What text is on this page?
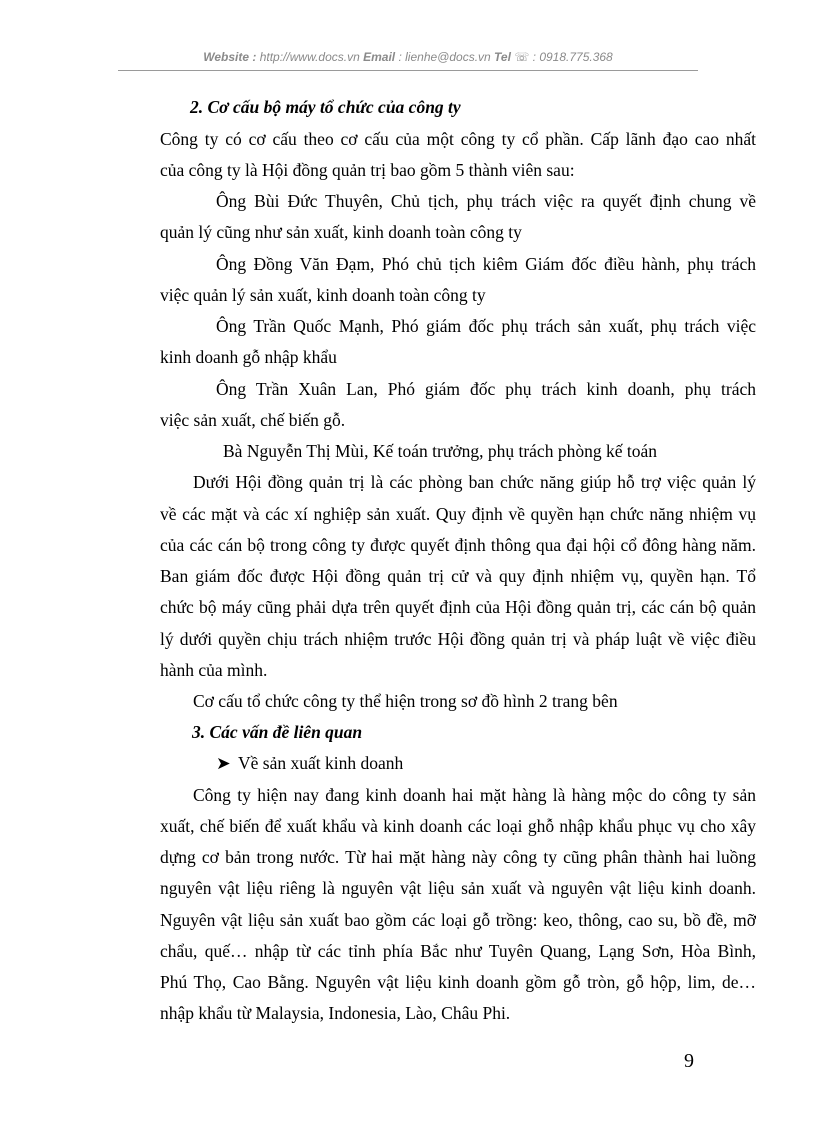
Website : http://www.docs.vn Email : lienhe@docs.vn Tel ☏ : 0918.775.368
2. Cơ cấu bộ máy tổ chức của công ty
Công ty có cơ cấu theo cơ cấu của một công ty cổ phần. Cấp lãnh đạo cao nhất
của công ty là Hội đồng quản trị bao gồm 5 thành viên sau:
Ông Bùi Đức Thuyên, Chủ tịch, phụ trách việc ra quyết định chung về
quản lý cũng như sản xuất, kinh doanh toàn công ty
Ông Đồng Văn Đạm, Phó chủ tịch kiêm Giám đốc điều hành, phụ trách
việc quản lý sản xuất, kinh doanh toàn công ty
Ông Trần Quốc Mạnh, Phó giám đốc phụ trách sản xuất, phụ trách việc
kinh doanh gỗ nhập khẩu
Ông Trần Xuân Lan, Phó giám đốc phụ trách kinh doanh, phụ trách
việc sản xuất, chế biến gỗ.
Bà Nguyễn Thị Mùi, Kế toán trưởng, phụ trách phòng kế toán
Dưới Hội đồng quản trị là các phòng ban chức năng giúp hỗ trợ việc quản lý
về các mặt và các xí nghiệp sản xuất. Quy định về quyền hạn chức năng nhiệm vụ
của các cán bộ trong công ty được quyết định thông qua đại hội cổ đông hàng năm.
Ban giám đốc được Hội đồng quản trị cử và quy định nhiệm vụ, quyền hạn. Tổ
chức bộ máy cũng phải dựa trên quyết định của Hội đồng quản trị, các cán bộ quản
lý dưới quyền chịu trách nhiệm trước Hội đồng quản trị và pháp luật về việc điều
hành của mình.
Cơ cấu tổ chức công ty thể hiện trong sơ đồ hình 2 trang bên
3. Các vấn đề liên quan
➤ Về sản xuất kinh doanh
Công ty hiện nay đang kinh doanh hai mặt hàng là hàng mộc do công ty sản
xuất, chế biến để xuất khẩu và kinh doanh các loại ghỗ nhập khẩu phục vụ cho xây
dựng cơ bản trong nước. Từ hai mặt hàng này công ty cũng phân thành hai luồng
nguyên vật liệu riêng là nguyên vật liệu sản xuất và nguyên vật liệu kinh doanh.
Nguyên vật liệu sản xuất bao gồm các loại gỗ trồng: keo, thông, cao su, bồ đề, mỡ
chẩu, quế… nhập từ các tỉnh phía Bắc như Tuyên Quang, Lạng Sơn, Hòa Bình,
Phú Thọ, Cao Bằng. Nguyên vật liệu kinh doanh gồm gỗ tròn, gỗ hộp, lim, de…
nhập khẩu từ Malaysia, Indonesia, Lào, Châu Phi.
9
